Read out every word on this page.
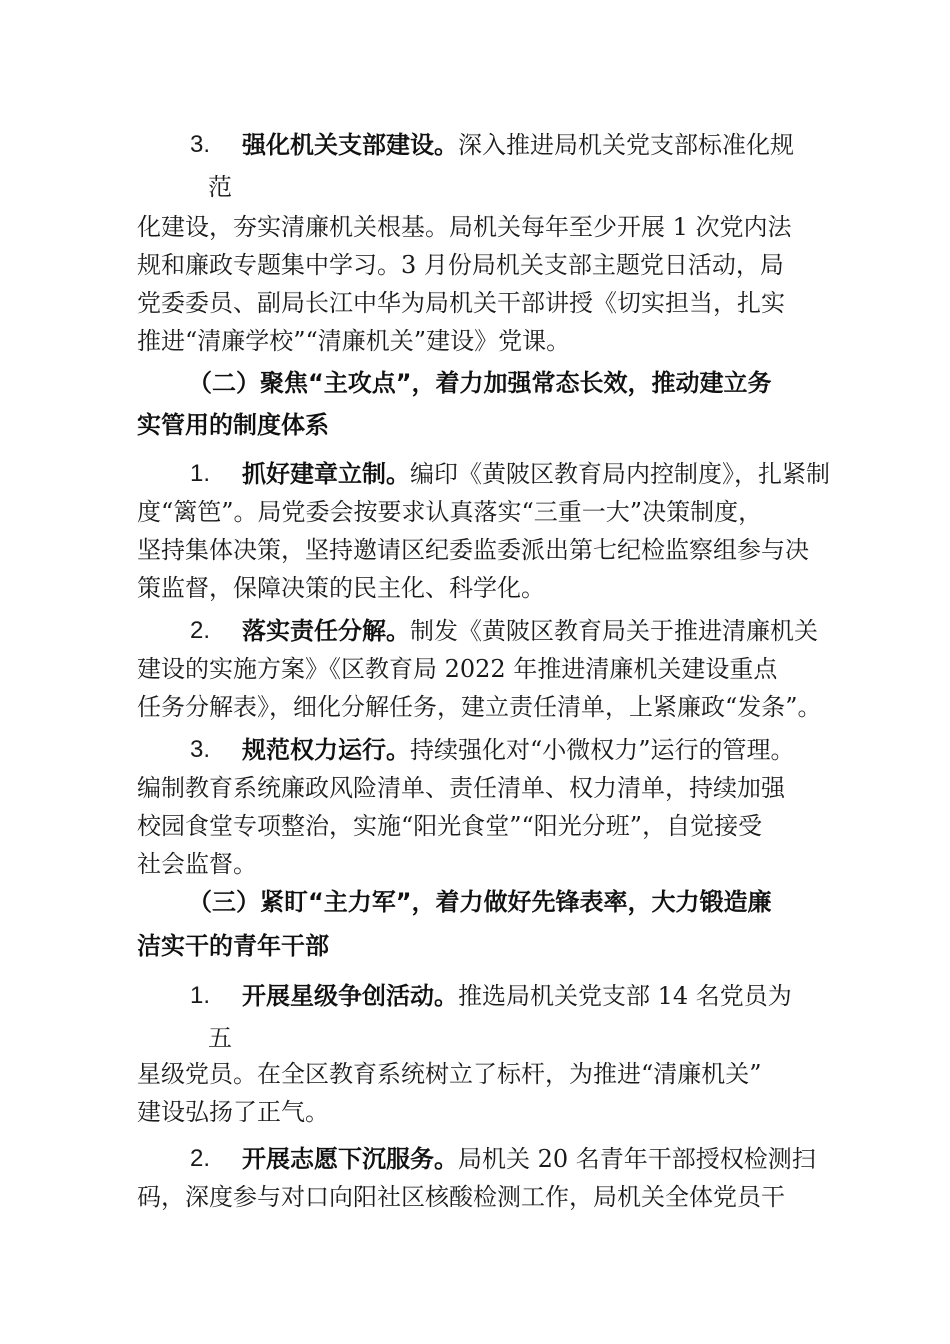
3. 强化机关支部建设。深入推进局机关党支部标准化规
范
化建设，夯实清廉机关根基。局机关每年至少开展 1 次党内法
规和廉政专题集中学习。3 月份局机关支部主题党日活动，局
党委委员、副局长江中华为局机关干部讲授《切实担当，扎实
推进“清廉学校”“清廉机关”建设》党课。
（二）聚焦“主攻点”，着力加强常态长效，推动建立务
实管用的制度体系
1. 抓好建章立制。编印《黄陂区教育局内控制度》，扎紧制
度“篱笆”。局党委会按要求认真落实“三重一大”决策制度，
坚持集体决策，坚持邀请区纪委监委派出第七纪检监察组参与决
策监督，保障决策的民主化、科学化。
2. 落实责任分解。制发《黄陂区教育局关于推进清廉机关
建设的实施方案》《区教育局 2022 年推进清廉机关建设重点
任务分解表》，细化分解任务，建立责任清单，上紧廉政“发条”。
3. 规范权力运行。持续强化对“小微权力”运行的管理。
编制教育系统廉政风险清单、责任清单、权力清单，持续加强
校园食堂专项整治，实施“阳光食堂”“阳光分班”，自觉接受
社会监督。
（三）紧盯“主力军”，着力做好先锋表率，大力锻造廉
洁实干的青年干部
1. 开展星级争创活动。推选局机关党支部 14 名党员为
五
星级党员。在全区教育系统树立了标杆，为推进“清廉机关”
建设弘扬了正气。
2. 开展志愿下沉服务。局机关 20 名青年干部授权检测扫
码，深度参与对口向阳社区核酸检测工作，局机关全体党员干
